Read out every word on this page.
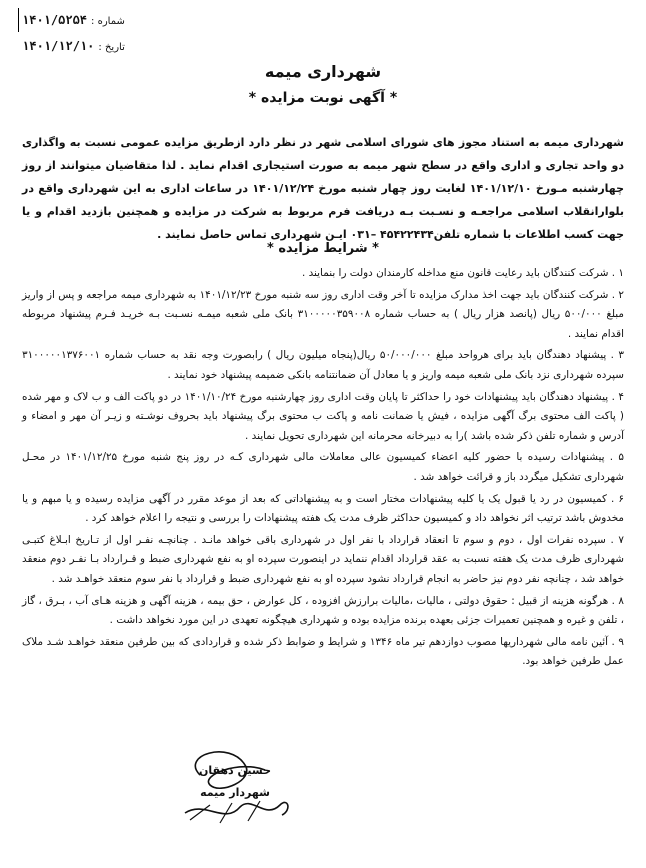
شماره :
۱۴۰۱/۵۲۵۴
تاریخ :
۱۴۰۱/۱۲/۱۰
شهرداری میمه
* آگهی نوبت مزایده *

شهرداری میمه به استناد مجوز های شورای اسلامی شهر در نظر دارد ازطریق مزایده عمومی نسبت به واگذاری دو واحد تجاری و اداری واقع در سطح شهر میمه به صورت استیجاری اقدام نماید . لذا متقاضیان میتوانند از روز چهارشنبه مـورخ ۱۴۰۱/۱۲/۱۰ لغایت روز چهار شنبه مورخ ۱۴۰۱/۱۲/۲۴ در ساعات اداری به این شهرداری واقع در بلوارانقلاب اسلامی مراجعـه و نسـبت بـه دریافت فرم مربوط به شرکت در مزایده و همچنین بازدید اقدام و یا جهت کسب اطلاعات با شماره تلفن۴۵۴۲۲۴۳۴ –۰۳۱ ایـن شهرداری تماس حاصل نمایند .

* شرایط مزایده *
۱ . شرکت کنندگان باید رعایت قانون منع مداخله کارمندان دولت را بنمایند .
۲ . شرکت کنندگان باید جهت اخذ مدارک مزایده تا آخر وقت اداری روز سه شنبه مورخ ۱۴۰۱/۱۲/۲۳ به شهرداری میمه مراجعه و پس از واریز مبلغ ۵۰۰/۰۰۰ ریال (پانصد هزار ریال ) به حساب شماره ۳۱۰۰۰۰۰۳۵۹۰۰۸ بانک ملی شعبه میمـه نسـبت بـه خریـد فـرم پیشنهاد مربوطه اقدام نمایند .
۳ . پیشنهاد دهندگان باید برای هرواحد مبلغ ۵۰/۰۰۰/۰۰۰ ریال(پنجاه میلیون ریال ) رابصورت وجه نقد به حساب شماره ۳۱۰۰۰۰۰۱۳۷۶۰۰۱ سپرده شهرداری نزد بانک ملی شعبه میمه واریز و یا معادل آن ضمانتنامه بانکی ضمیمه پیشنهاد خود نمایند .
۴ . پیشنهاد دهندگان باید پیشنهادات خود را حداکثر تا پایان وقت اداری روز چهارشنبه مورخ ۱۴۰۱/۱۰/۲۴ در دو پاکت الف و ب لاک و مهر شده ( پاکت الف محتوی برگ آگهی مزایده ، فیش یا ضمانت نامه و پاکت ب محتوی برگ پیشنهاد باید بحروف نوشـته و زیـر آن مهر و امضاء و آدرس و شماره تلفن ذکر شده باشد )را به دبیرخانه محرمانه این شهرداری تحویل نمایند .
۵ . پیشنهادات رسیده با حضور کلیه اعضاء کمیسیون عالی معاملات مالی شهرداری کـه در روز پنج شنبه مورخ ۱۴۰۱/۱۲/۲۵ در محـل شهرداری تشکیل میگردد باز و قرائت خواهد شد .
۶ . کمیسیون در رد یا قبول یک یا کلیه پیشنهادات مختار است و به پیشنهاداتی که بعد از موعد مقرر در آگهی مزایده رسیده و یا مبهم و یا مخدوش باشد ترتیب اثر نخواهد داد و کمیسیون حداکثر ظرف مدت یک هفته پیشنهادات را بررسی و نتیجه را اعلام خواهد کرد .
۷ . سپرده نفرات اول ، دوم و سوم تا انعقاد قرارداد با نفر اول در شهرداری باقی خواهد مانـد . چنانچـه نفـر اول از تـاریخ ابـلاغ کتبـی شهرداری ظرف مدت یک هفته نسبت به عقد قرارداد اقدام ننماید در اینصورت سپرده او به نفع شهرداری ضبط و قـرارداد بـا نفـر دوم منعقد خواهد شد ، چنانچه نفر دوم نیز حاضر به انجام قرارداد نشود سپرده او به نفع شهرداری ضبط و قرارداد با نفر سوم منعقد خواهـد شد .
۸ . هرگونه هزینه از قبیل : حقوق دولتی ، مالیات ،مالیات برارزش افزوده ، کل عوارض ، حق بیمه ، هزینه آگهی و هزینه هـای آب ، بـرق ، گاز ، تلفن و غیره و همچنین تعمیرات جزئی بعهده برنده مزایده بوده و شهرداری هیچگونه تعهدی در این مورد نخواهد داشت .
۹ . آئین نامه مالی شهرداریها مصوب دوازدهم تیر ماه ۱۳۴۶ و شرایط و ضوابط ذکر شده و قراردادی که بین طرفین منعقد خواهـد شـد ملاک عمل طرفین خواهد بود.
حسین دهقان
شهردار میمه
